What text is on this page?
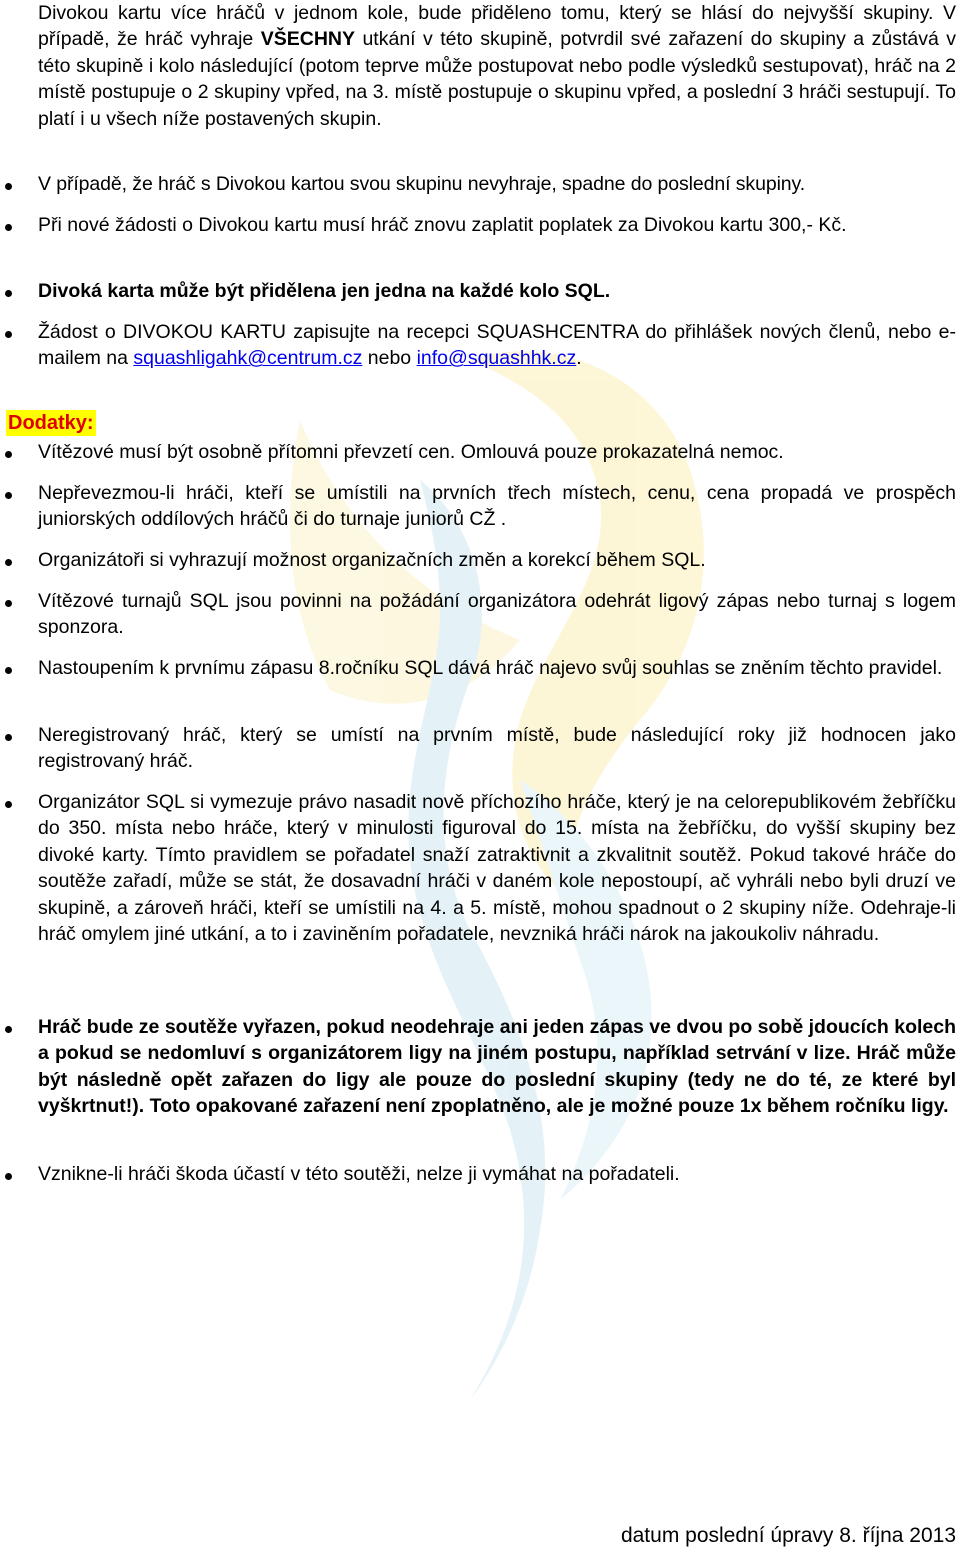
Divokou kartu více hráčů v jednom kole, bude přiděleno tomu, který se hlásí do nejvyšší skupiny. V případě, že hráč vyhraje VŠECHNY utkání v této skupině, potvrdil své zařazení do skupiny a zůstává v této skupině i kolo následující (potom teprve může postupovat nebo podle výsledků sestupovat), hráč na 2 místě postupuje o 2 skupiny vpřed, na 3. místě postupuje o skupinu vpřed, a poslední 3 hráči sestupují. To platí i u všech níže postavených skupin.
V případě, že hráč s Divokou kartou svou skupinu nevyhraje, spadne do poslední skupiny.
Při nové žádosti o Divokou kartu musí hráč znovu zaplatit poplatek za Divokou kartu 300,- Kč.
Divoká karta může být přidělena jen jedna na každé kolo SQL.
Žádost o DIVOKOU KARTU zapisujte na recepci SQUASHCENTRA do přihlášek nových členů, nebo e-mailem na squashligahk@centrum.cz nebo info@squashhk.cz.
Dodatky:
Vítězové musí být osobně přítomni převzetí cen. Omlouvá pouze prokazatelná nemoc.
Nepřevezmou-li hráči, kteří se umístili na prvních třech místech, cenu, cena propadá ve prospěch juniorských oddílových hráčů či do turnaje juniorů CŽ .
Organizátoři si vyhrazují možnost organizačních změn a korekcí během SQL.
Vítězové turnajů SQL jsou povinni na požádání organizátora odehrát ligový zápas nebo turnaj s logem sponzora.
Nastoupením k prvnímu zápasu 8.ročníku SQL dává hráč najevo svůj souhlas se zněním těchto pravidel.
Neregistrovaný hráč, který se umístí na prvním místě, bude následující roky již hodnocen jako registrovaný hráč.
Organizátor SQL si vymezuje právo nasadit nově příchozího hráče, který je na celorepublikovém žebříčku do 350. místa nebo hráče, který v minulosti figuroval do 15. místa na žebříčku, do vyšší skupiny bez divoké karty. Tímto pravidlem se pořadatel snaží zatraktivnit a zkvalitnit soutěž. Pokud takové hráče do soutěže zařadí, může se stát, že dosavadní hráči v daném kole nepostoupí, ač vyhráli nebo byli druzí ve skupině, a zároveň hráči, kteří se umístili na 4. a 5. místě, mohou spadnout o 2 skupiny níže. Odehraje-li hráč omylem jiné utkání, a to i zaviněním pořadatele, nevzniká hráči nárok na jakoukoliv náhradu.
Hráč bude ze soutěže vyřazen, pokud neodehraje ani jeden zápas ve dvou po sobě jdoucích kolech a pokud se nedomluví s organizátorem ligy na jiném postupu, například setrvání v lize. Hráč může být následně opět zařazen do ligy ale pouze do poslední skupiny (tedy ne do té, ze které byl vyškrtnut!). Toto opakované zařazení není zpoplatněno, ale je možné pouze 1x během ročníku ligy.
Vznikne-li hráči škoda účastí v této soutěži, nelze ji vymáhat na pořadateli.
datum poslední úpravy 8. října 2013
